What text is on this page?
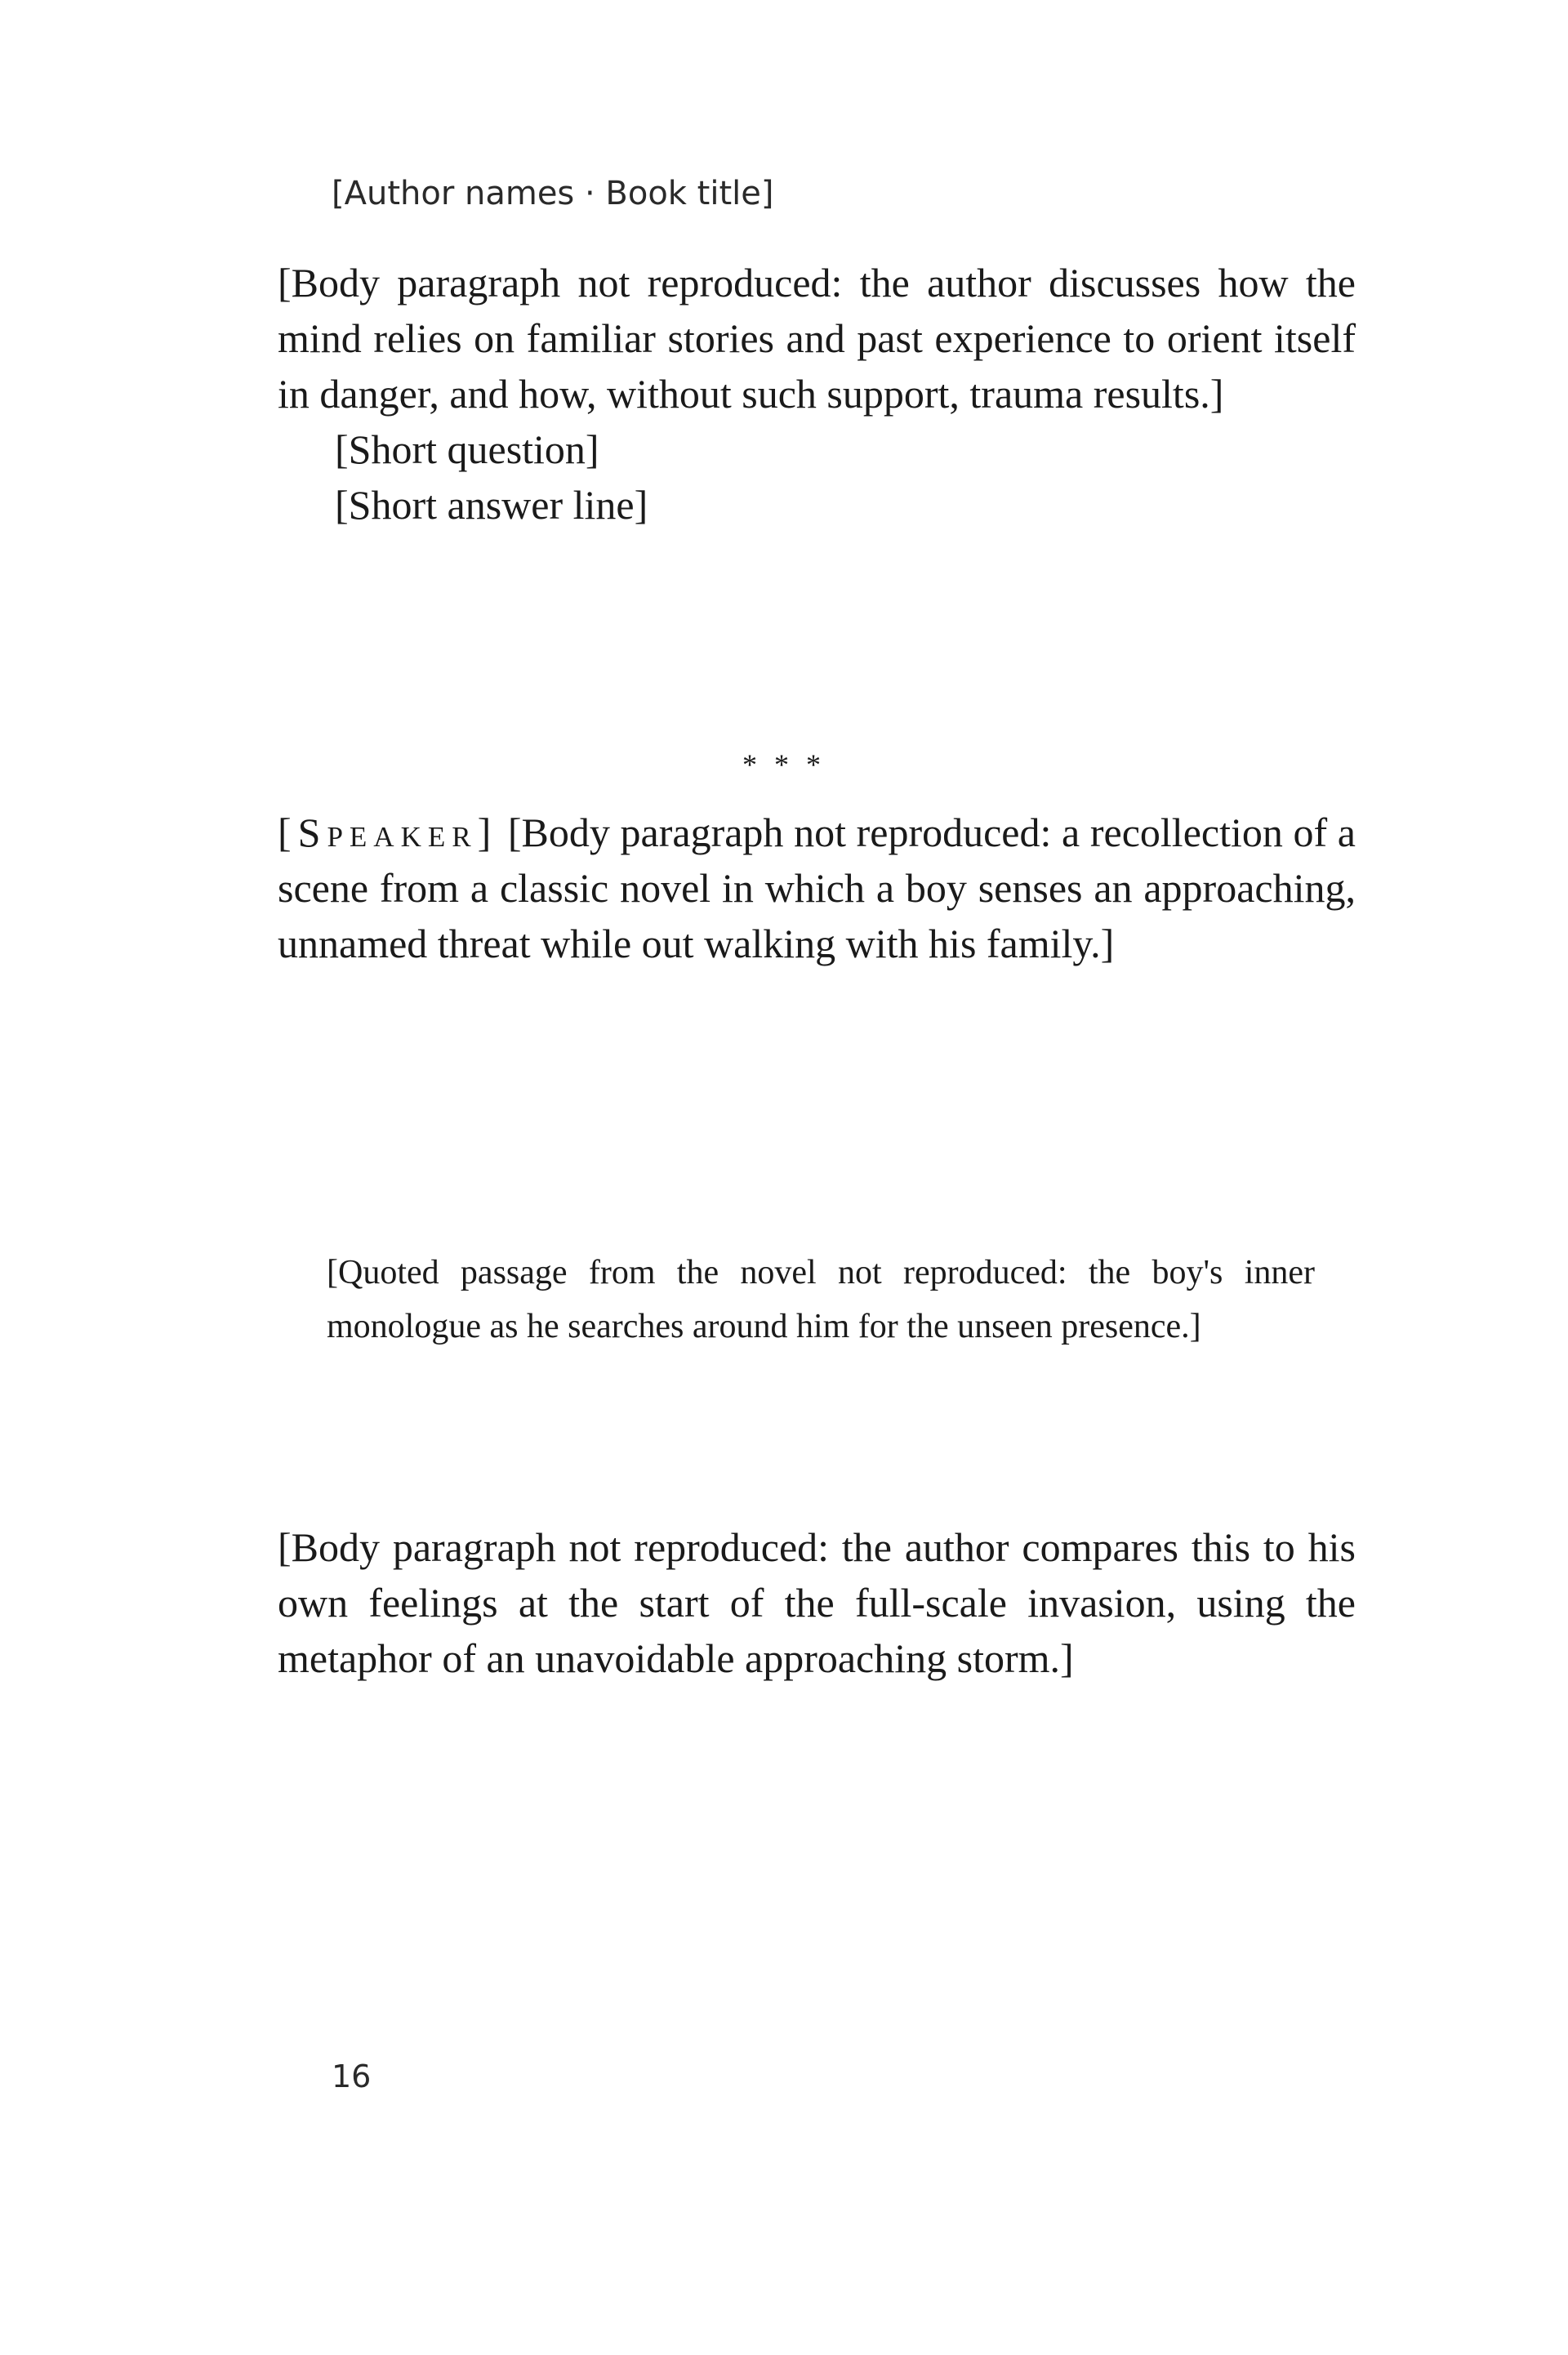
[Author names · Book title]

[Body paragraph not reproduced: the author discusses how the mind relies on familiar stories and past experience to orient itself in danger, and how, without such support, trauma results.]

[Short question]

[Short answer line]

* * *

[Speaker] [Body paragraph not reproduced: a recollection of a scene from a classic novel in which a boy senses an approaching, unnamed threat while out walking with his family.]

[Quoted passage from the novel not reproduced: the boy's inner monologue as he searches around him for the unseen presence.]

[Body paragraph not reproduced: the author compares this to his own feelings at the start of the full-scale invasion, using the metaphor of an unavoidable approaching storm.]

16
